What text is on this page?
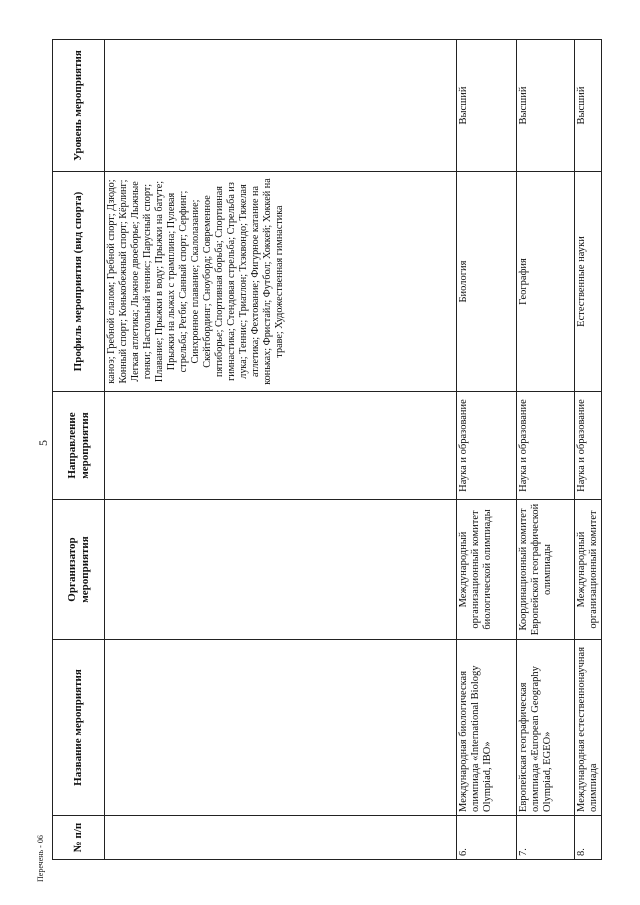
5
№ п/п	Название мероприятия	Организатор мероприятия	Направление мероприятия	Профиль мероприятия (вид спорта)	Уровень мероприятия
				каноэ; Гребной слалом; Гребной спорт; Дзюдо; Конный спорт; Конькобежный спорт; Кёрлинг; Легкая атлетика; Лыжное двоеборье; Лыжные гонки; Настольный теннис; Парусный спорт; Плавание; Прыжки в воду; Прыжки на батуте; Прыжки на лыжах с трамплина; Пулевая стрельба; Регби; Санный спорт; Серфинг; Синхронное плавание; Скалолазание; Скейтбординг; Сноуборд; Современное пятиборье; Спортивная борьба; Спортивная гимнастика; Стендовая стрельба; Стрельба из лука; Теннис; Триатлон; Тхэквондо; Тяжелая атлетика; Фехтование; Фигурное катание на коньках; Фристайл; Футбол; Хоккей; Хоккей на траве; Художественная гимнастика	
6.	Международная биологическая олимпиада «International Biology Olympiad, IBO»	Международный организационный комитет биологической олимпиады	Наука и образование	Биология	Высший
7.	Европейская географическая олимпиада «European Geography Olympiad, EGEO»	Координационный комитет Европейской географической олимпиады	Наука и образование	География	Высший
8.	Международная естественнонаучная олимпиада	Международный организационный комитет	Наука и образование	Естественные науки	Высший
Перечень - 06
